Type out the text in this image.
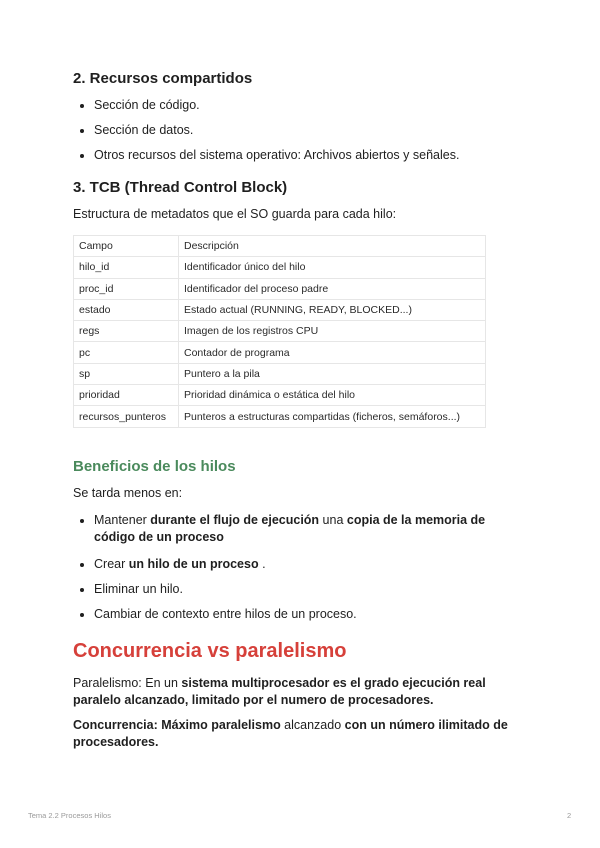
2. Recursos compartidos
Sección de código.
Sección de datos.
Otros recursos del sistema operativo: Archivos abiertos y señales.
3. TCB (Thread Control Block)

Estructura de metadatos que el SO guarda para cada hilo:

Campo	Descripción
hilo_id	Identificador único del hilo
proc_id	Identificador del proceso padre
estado	Estado actual (RUNNING, READY, BLOCKED...)
regs	Imagen de los registros CPU
pc	Contador de programa
sp	Puntero a la pila
prioridad	Prioridad dinámica o estática del hilo
recursos_punteros	Punteros a estructuras compartidas (ficheros, semáforos...)
Beneficios de los hilos

Se tarda menos en:

Mantener durante el flujo de ejecución una copia de la memoria de código de un proceso
Crear un hilo de un proceso .
Eliminar un hilo.
Cambiar de contexto entre hilos de un proceso.
Concurrencia vs paralelismo

Paralelismo: En un sistema multiprocesador es el grado ejecución real paralelo alcanzado, limitado por el numero de procesadores.

Concurrencia: Máximo paralelismo alcanzado con un número ilimitado de procesadores.

Tema 2.2 Procesos Hilos	2
